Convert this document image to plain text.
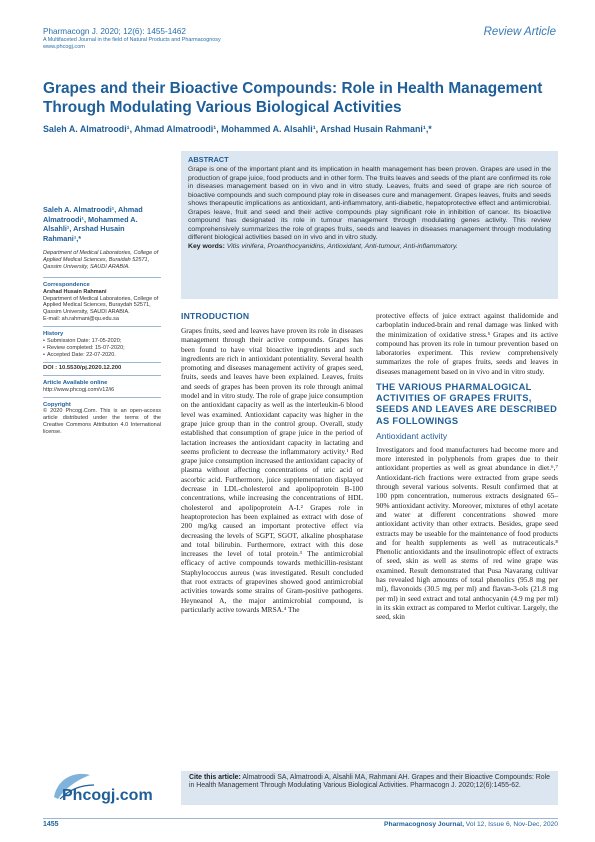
Pharmacogn J. 2020; 12(6): 1455-1462
A Multifaceted Journal in the field of Natural Products and Pharmacognosy
www.phcogj.com
Review Article
Grapes and their Bioactive Compounds: Role in Health Management Through Modulating Various Biological Activities
Saleh A. Almatroodi¹, Ahmad Almatroodi¹, Mohammed A. Alsahli¹, Arshad Husain Rahmani¹,*
ABSTRACT
Grape is one of the important plant and its implication in health management has been proven. Grapes are used in the production of grape juice, food products and in other form. The fruits leaves and seeds of the plant are confirmed its role in diseases management based on in vivo and in vitro study. Leaves, fruits and seed of grape are rich source of bioactive compounds and such compound play role in diseases cure and management. Grapes leaves, fruits and seeds shows therapeutic implications as antioxidant, anti-inflammatory, anti-diabetic, hepatoprotective effect and antimicrobial. Grapes leave, fruit and seed and their active compounds play significant role in inhibition of cancer. Its bioactive compound has designated its role in tumour management through modulating genes activity. This review comprehensively summarizes the role of grapes fruits, seeds and leaves in diseases management through modulating different biological activities based on in vivo and in vitro study.
Key words: Vitis vinifera, Proanthocyanidins, Antioxidant, Anti-tumour, Anti-inflammatory.
Saleh A. Almatroodi¹, Ahmad Almatroodi¹, Mohammed A. Alsahli¹, Arshad Husain Rahmani¹,*
Department of Medical Laboratories, College of Applied Medical Sciences, Buraidah 52571, Qassim University, SAUDI ARABIA.
Correspondence
Arshad Husain Rahmani
Department of Medical Laboratories, College of Applied Medical Sciences, Buraydah 52571, Qassim University, SAUDI ARABIA.
E-mail: ah.rahmani@qu.edu.sa
History
• Submission Date: 17-05-2020;
• Review completed: 15-07-2020;
• Accepted Date: 22-07-2020.
DOI : 10.5530/pj.2020.12.200
Article Available online
http://www.phcogj.com/v12/i6
Copyright
© 2020 Phcogj.Com. This is an open-access article distributed under the terms of the Creative Commons Attribution 4.0 International license.
INTRODUCTION
Grapes fruits, seed and leaves have proven its role in diseases management through their active compounds. Grapes has been found to have vital bioactive ingredients and such ingredients are rich in antioxidant potentiality. Several health promoting and diseases management activity of grapes seed, fruits, seeds and leaves have been explained. Leaves, fruits and seeds of grapes has been proven its role through animal model and in vitro study. The role of grape juice consumption on the antioxidant capacity as well as the interleukin-6 blood level was examined. Antioxidant capacity was higher in the grape juice group than in the control group. Overall, study established that consumption of grape juice in the period of lactation increases the antioxidant capacity in lactating and seems proficient to decrease the inflammatory activity.¹ Red grape juice consumption increased the antioxidant capacity of plasma without affecting concentrations of uric acid or ascorbic acid. Furthermore, juice supplementation displayed decrease in LDL-cholesterol and apolipoprotein B-100 concentrations, while increasing the concentrations of HDL cholesterol and apolipoprotein A-I.² Grapes role in heaptoprotecion has been explained as extract with dose of 200 mg/kg caused an important protective effect via decreasing the levels of SGPT, SGOT, alkaline phosphatase and total bilirubin. Furthermore, extract with this dose increases the level of total protein.³ The antimicrobial efficacy of active compounds towards methicillin-resistant Staphylococcus aureus (was investigated. Result concluded that root extracts of grapevines showed good antimicrobial activities towards some strains of Gram-positive pathogens. Heyneanol A, the major antimicrobial compound, is particularly active towards MRSA.⁴ The
protective effects of juice extract against thalidomide and carboplatin induced-brain and renal damage was linked with the minimization of oxidative stress.⁵ Grapes and its active compound has proven its role in tumour prevention based on laboratories experiment. This review comprehensively summarizes the role of grapes fruits, seeds and leaves in diseases management based on in vivo and in vitro study.
THE VARIOUS PHARMALOGICAL ACTIVITIES OF GRAPES FRUITS, SEEDS AND LEAVES ARE DESCRIBED AS FOLLOWINGS
Antioxidant activity
Investigators and food manufacturers had become more and more interested in polyphenols from grapes due to their antioxidant properties as well as great abundance in diet.⁶,⁷ Antioxidant-rich fractions were extracted from grape seeds through several various solvents. Result confirmed that at 100 ppm concentration, numerous extracts designated 65–90% antioxidant activity. Moreover, mixtures of ethyl acetate and water at different concentrations showed more antioxidant activity than other extracts. Besides, grape seed extracts may be useable for the maintenance of food products and for health supplements as well as nutraceuticals.⁸ Phenolic antioxidants and the insulinotropic effect of extracts of seed, skin as well as stems of red wine grape was examined. Result demonstrated that Pusa Navarang cultivar has revealed high amounts of total phenolics (95.8 mg per ml), flavonoids (30.5 mg per ml) and flavan-3-ols (21.8 mg per ml) in seed extract and total anthocyanin (4.9 mg per ml) in its skin extract as compared to Merlot cultivar. Largely, the seed, skin
Phcogj.com
Cite this article: Almatroodi SA, Almatroodi A, Alsahli MA, Rahmani AH. Grapes and their Bioactive Compounds: Role in Health Management Through Modulating Various Biological Activities. Pharmacogn J. 2020;12(6):1455-62.
1455	Pharmacognosy Journal, Vol 12, Issue 6, Nov-Dec, 2020
